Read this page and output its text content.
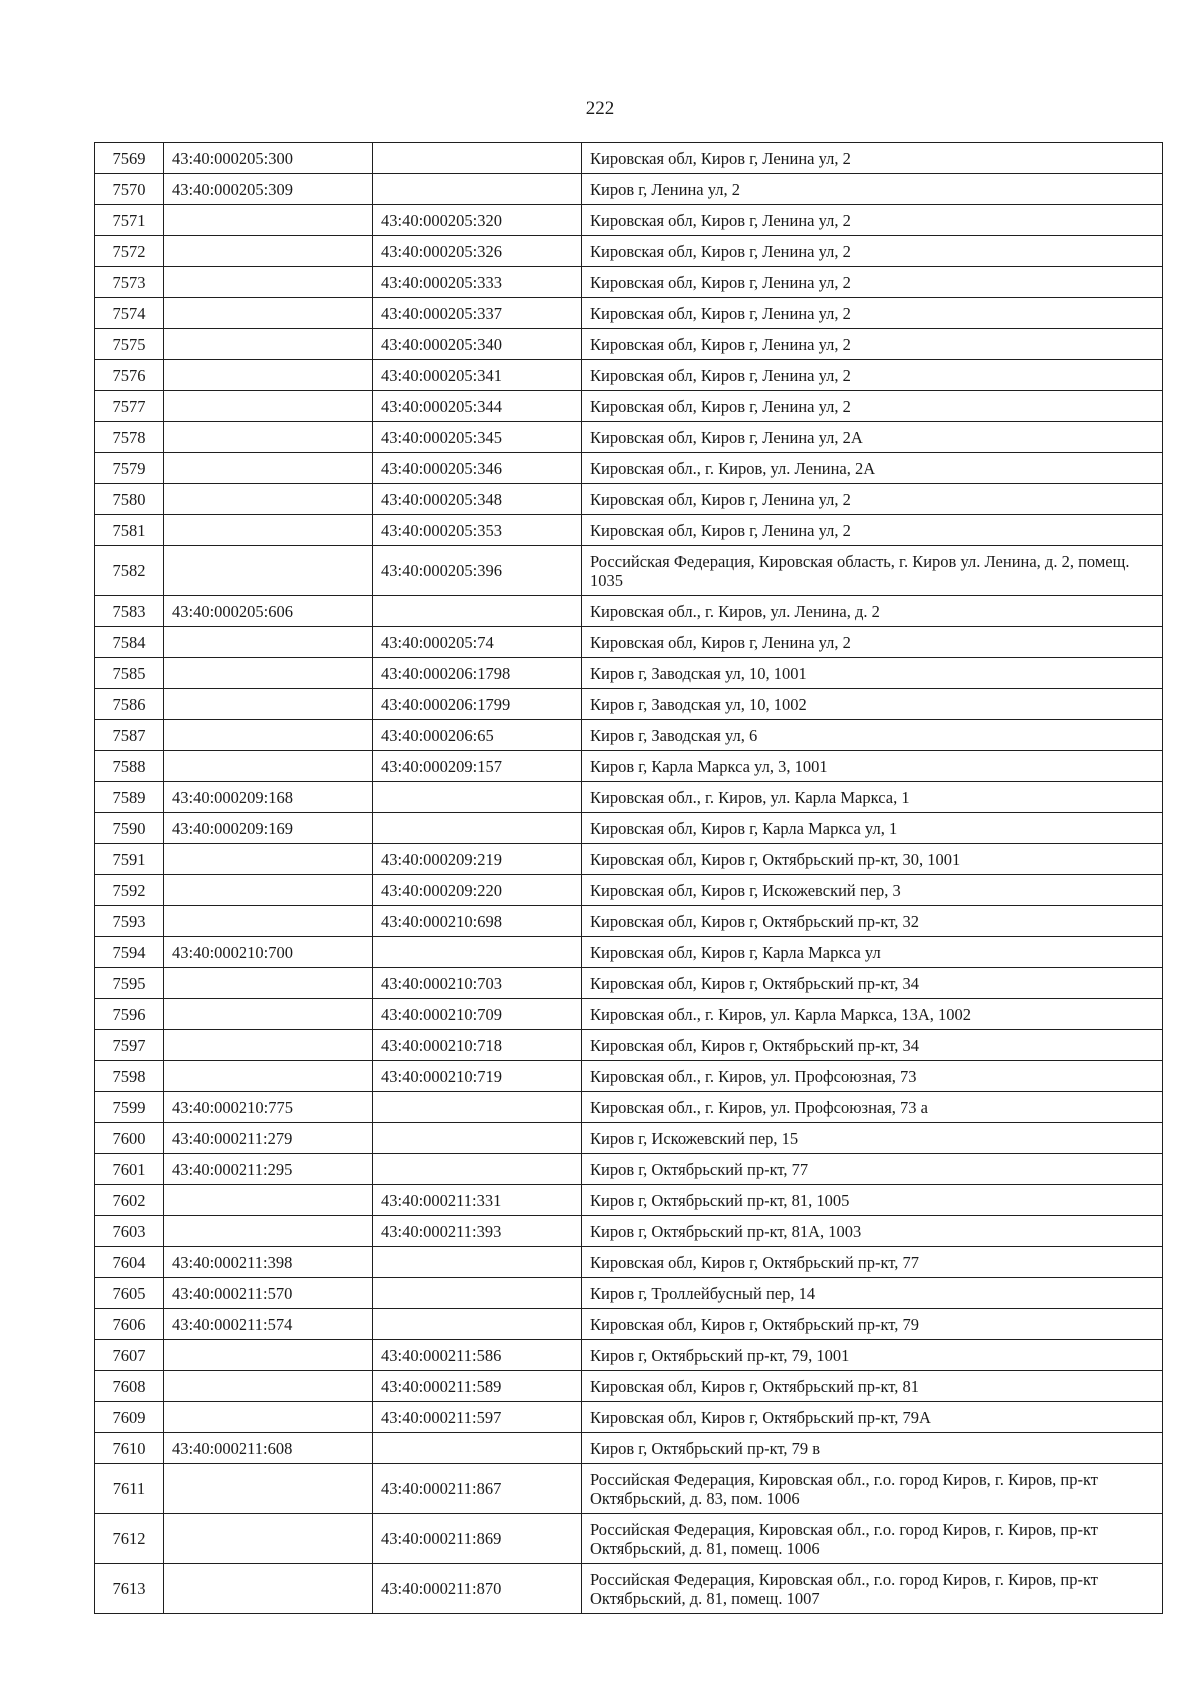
222
7569	43:40:000205:300		Кировская обл, Киров г, Ленина ул, 2
7570	43:40:000205:309		Киров г, Ленина ул, 2
7571		43:40:000205:320	Кировская обл, Киров г, Ленина ул, 2
7572		43:40:000205:326	Кировская обл, Киров г, Ленина ул, 2
7573		43:40:000205:333	Кировская обл, Киров г, Ленина ул, 2
7574		43:40:000205:337	Кировская обл, Киров г, Ленина ул, 2
7575		43:40:000205:340	Кировская обл, Киров г, Ленина ул, 2
7576		43:40:000205:341	Кировская обл, Киров г, Ленина ул, 2
7577		43:40:000205:344	Кировская обл, Киров г, Ленина ул, 2
7578		43:40:000205:345	Кировская обл, Киров г, Ленина ул, 2А
7579		43:40:000205:346	Кировская обл., г. Киров, ул. Ленина, 2А
7580		43:40:000205:348	Кировская обл, Киров г, Ленина ул, 2
7581		43:40:000205:353	Кировская обл, Киров г, Ленина ул, 2
7582		43:40:000205:396	Российская Федерация, Кировская область, г. Киров ул. Ленина, д. 2, помещ. 1035
7583	43:40:000205:606		Кировская обл., г. Киров, ул. Ленина, д. 2
7584		43:40:000205:74	Кировская обл, Киров г, Ленина ул, 2
7585		43:40:000206:1798	Киров г, Заводская ул, 10, 1001
7586		43:40:000206:1799	Киров г, Заводская ул, 10, 1002
7587		43:40:000206:65	Киров г, Заводская ул, 6
7588		43:40:000209:157	Киров г, Карла Маркса ул, 3, 1001
7589	43:40:000209:168		Кировская обл., г. Киров, ул. Карла Маркса, 1
7590	43:40:000209:169		Кировская обл, Киров г, Карла Маркса ул, 1
7591		43:40:000209:219	Кировская обл, Киров г, Октябрьский пр-кт, 30, 1001
7592		43:40:000209:220	Кировская обл, Киров г, Искожевский пер, 3
7593		43:40:000210:698	Кировская обл, Киров г, Октябрьский пр-кт, 32
7594	43:40:000210:700		Кировская обл, Киров г, Карла Маркса ул
7595		43:40:000210:703	Кировская обл, Киров г, Октябрьский пр-кт, 34
7596		43:40:000210:709	Кировская обл., г. Киров, ул. Карла Маркса, 13А, 1002
7597		43:40:000210:718	Кировская обл, Киров г, Октябрьский пр-кт, 34
7598		43:40:000210:719	Кировская обл., г. Киров, ул. Профсоюзная, 73
7599	43:40:000210:775		Кировская обл., г. Киров, ул. Профсоюзная, 73 а
7600	43:40:000211:279		Киров г, Искожевский пер, 15
7601	43:40:000211:295		Киров г, Октябрьский пр-кт, 77
7602		43:40:000211:331	Киров г, Октябрьский пр-кт, 81, 1005
7603		43:40:000211:393	Киров г, Октябрьский пр-кт, 81А, 1003
7604	43:40:000211:398		Кировская обл, Киров г, Октябрьский пр-кт, 77
7605	43:40:000211:570		Киров г, Троллейбусный пер, 14
7606	43:40:000211:574		Кировская обл, Киров г, Октябрьский пр-кт, 79
7607		43:40:000211:586	Киров г, Октябрьский пр-кт, 79, 1001
7608		43:40:000211:589	Кировская обл, Киров г, Октябрьский пр-кт, 81
7609		43:40:000211:597	Кировская обл, Киров г, Октябрьский пр-кт, 79А
7610	43:40:000211:608		Киров г, Октябрьский пр-кт, 79 в
7611		43:40:000211:867	Российская Федерация, Кировская обл., г.о. город Киров, г. Киров, пр-кт Октябрьский, д. 83, пом. 1006
7612		43:40:000211:869	Российская Федерация, Кировская обл., г.о. город Киров, г. Киров, пр-кт Октябрьский, д. 81, помещ. 1006
7613		43:40:000211:870	Российская Федерация, Кировская обл., г.о. город Киров, г. Киров, пр-кт Октябрьский, д. 81, помещ. 1007
